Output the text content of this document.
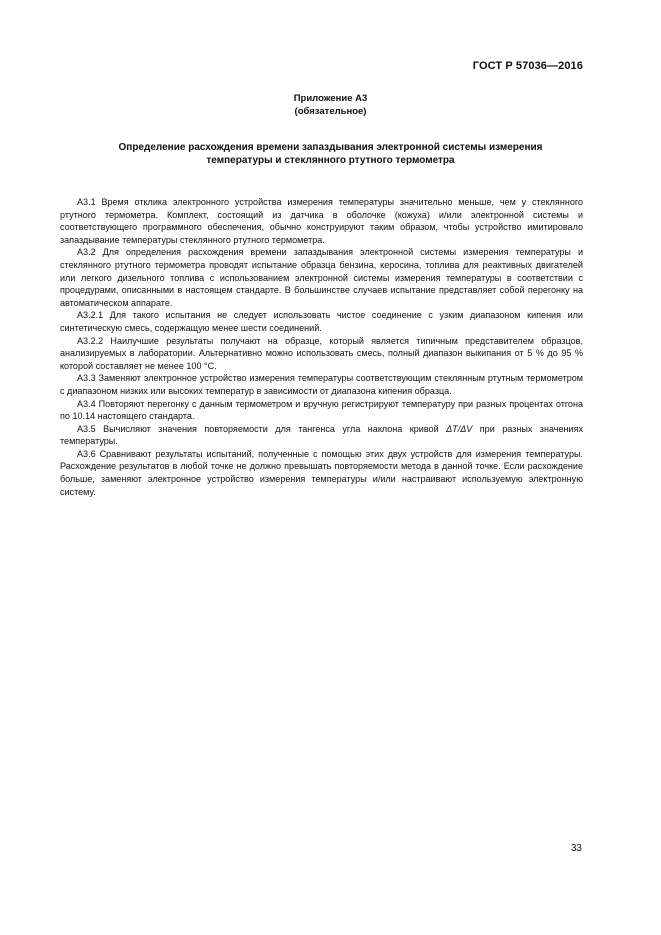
ГОСТ Р 57036—2016
Приложение А3
(обязательное)
Определение расхождения времени запаздывания электронной системы измерения
температуры и стеклянного ртутного термометра

А3.1 Время отклика электронного устройства измерения температуры значительно меньше, чем у стеклянного ртутного термометра. Комплект, состоящий из датчика в оболочке (кожуха) и/или электронной системы и соответствующего программного обеспечения, обычно конструируют таким образом, чтобы устройство имитировало запаздывание температуры стеклянного ртутного термометра.

А3.2 Для определения расхождения времени запаздывания электронной системы измерения температуры и стеклянного ртутного термометра проводят испытание образца бензина, керосина, топлива для реактивных двигателей или легкого дизельного топлива с использованием электронной системы измерения температуры в соответствии с процедурами, описанными в настоящем стандарте. В большинстве случаев испытание представляет собой перегонку на автоматическом аппарате.

А3.2.1 Для такого испытания не следует использовать чистое соединение с узким диапазоном кипения или синтетическую смесь, содержащую менее шести соединений.

А3.2.2 Наилучшие результаты получают на образце, который является типичным представителем образцов, анализируемых в лаборатории. Альтернативно можно использовать смесь, полный диапазон выкипания от 5 % до 95 % которой составляет не менее 100 °С.

А3.3 Заменяют электронное устройство измерения температуры соответствующим стеклянным ртутным термометром с диапазоном низких или высоких температур в зависимости от диапазона кипения образца.

А3.4 Повторяют перегонку с данным термометром и вручную регистрируют температуру при разных процентах отгона по 10.14 настоящего стандарта.

А3.5 Вычисляют значения повторяемости для тангенса угла наклона кривой ΔT/ΔV при разных значениях температуры.

А3.6 Сравнивают результаты испытаний, полученные с помощью этих двух устройств для измерения температуры. Расхождение результатов в любой точке не должно превышать повторяемости метода в данной точке. Если расхождение больше, заменяют электронное устройство измерения температуры и/или настраивают используемую электронную систему.

33
